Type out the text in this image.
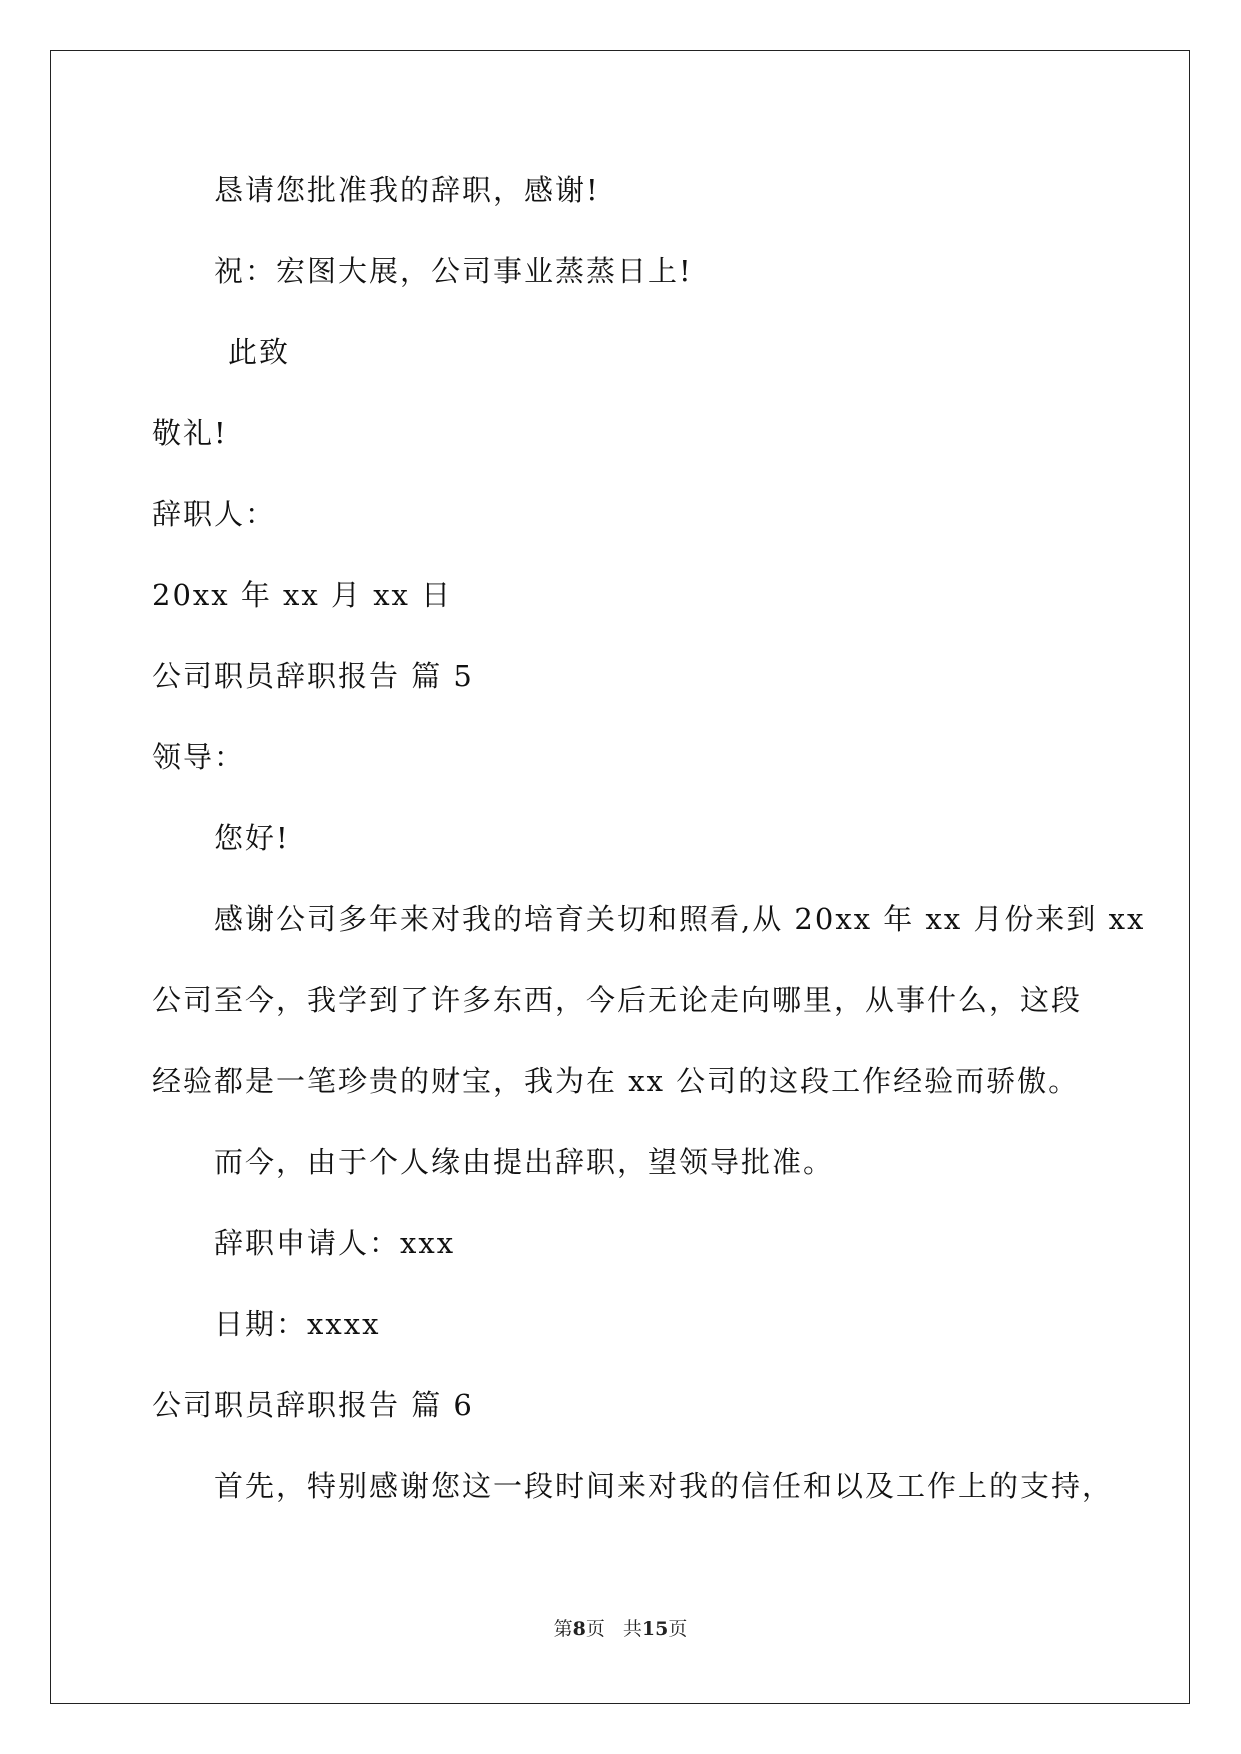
恳请您批准我的辞职，感谢!
祝：宏图大展，公司事业蒸蒸日上!
此致
敬礼!
辞职人：
20xx 年 xx 月 xx 日
公司职员辞职报告 篇 5
领导：
您好!
感谢公司多年来对我的培育关切和照看,从 20xx 年 xx 月份来到 xx
公司至今，我学到了许多东西，今后无论走向哪里，从事什么，这段
经验都是一笔珍贵的财宝，我为在 xx 公司的这段工作经验而骄傲。
而今，由于个人缘由提出辞职，望领导批准。
辞职申请人：xxx
日期：xxxx
公司职员辞职报告 篇 6
首先，特别感谢您这一段时间来对我的信任和以及工作上的支持，
第8页 共15页
